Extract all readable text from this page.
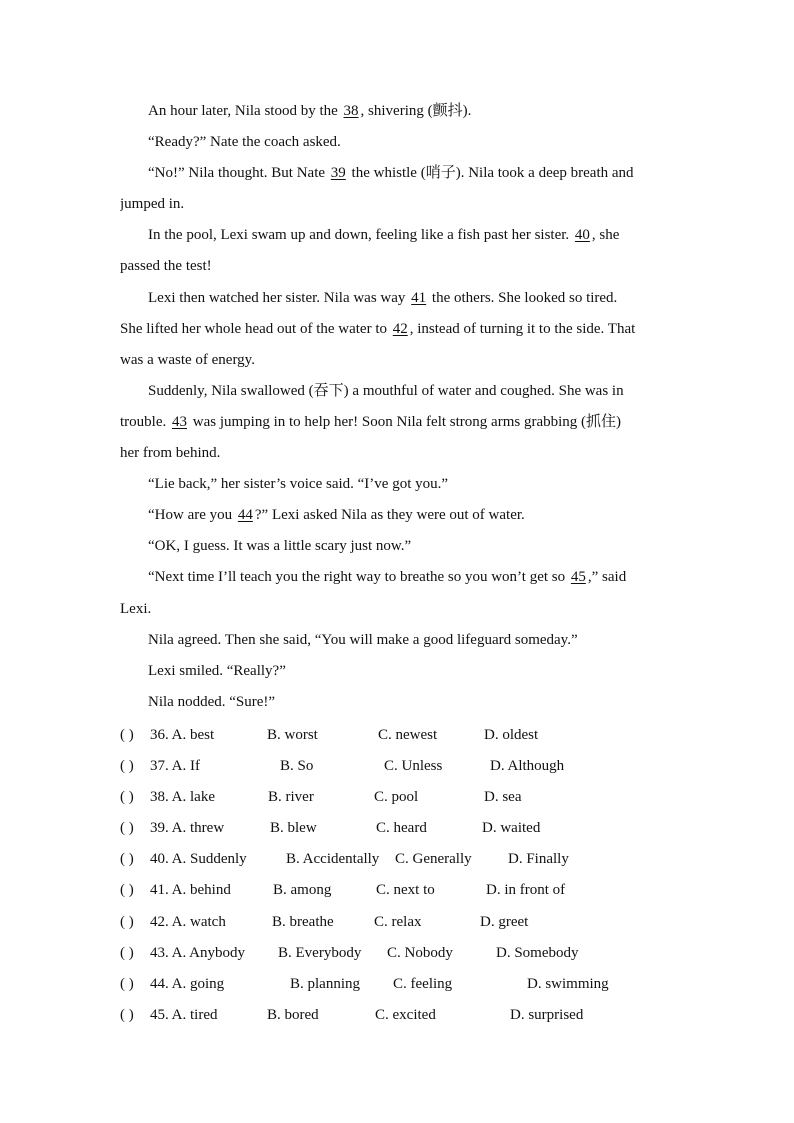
An hour later, Nila stood by the 38 , shivering (颤抖).
“Ready?” Nate the coach asked.
“No!” Nila thought. But Nate 39 the whistle (哨子). Nila took a deep breath and
jumped in.
In the pool, Lexi swam up and down, feeling like a fish past her sister. 40 , she
passed the test!
Lexi then watched her sister. Nila was way 41 the others. She looked so tired.
She lifted her whole head out of the water to 42 , instead of turning it to the side. That
was a waste of energy.
Suddenly, Nila swallowed (吞下) a mouthful of water and coughed. She was in
trouble. 43 was jumping in to help her! Soon Nila felt strong arms grabbing (抓住)
her from behind.
“Lie back,” her sister’s voice said. “I’ve got you.”
“How are you 44 ?” Lexi asked Nila as they were out of water.
“OK, I guess. It was a little scary just now.”
“Next time I’ll teach you the right way to breathe so you won’t get so 45 ,” said
Lexi.
Nila agreed. Then she said, “You will make a good lifeguard someday.”
Lexi smiled. “Really?”
Nila nodded. “Sure!”
( ) 36. A. best	B. worst	C. newest	D. oldest
( ) 37. A. If	B. So	C. Unless	D. Although
( ) 38. A. lake	B. river	C. pool	D. sea
( ) 39. A. threw	B. blew	C. heard	D. waited
( ) 40. A. Suddenly	B. Accidentally C. Generally D. Finally
( ) 41. A. behind	B. among	C. next to	D. in front of
( ) 42. A. watch	B. breathe	C. relax	D. greet
( ) 43. A. Anybody B. Everybody C. Nobody	D. Somebody
( ) 44. A. going	B. planning C. feeling	D. swimming
( ) 45. A. tired	B. bored	C. excited	D. surprised
